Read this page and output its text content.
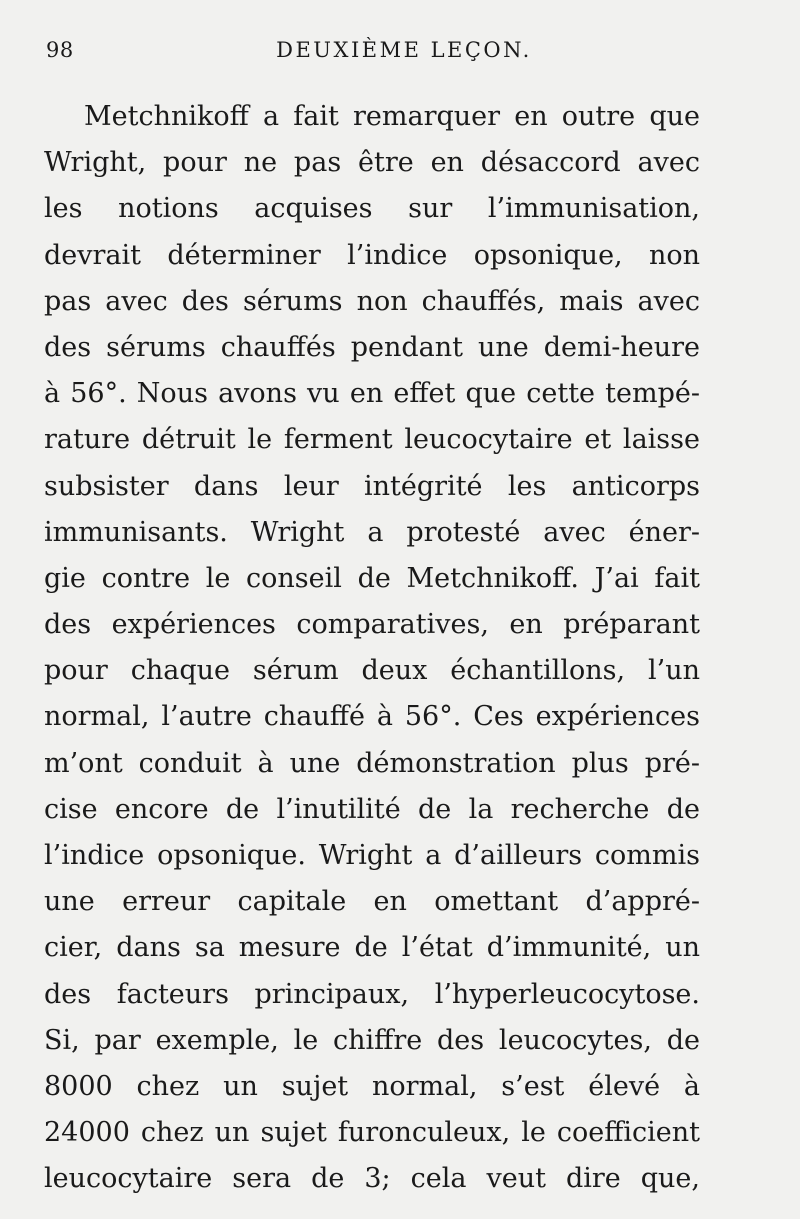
98	DEUXIÈME LEÇON.
Metchnikoff a fait remarquer en outre que
Wright, pour ne pas être en désaccord avec
les notions acquises sur l’immunisation,
devrait déterminer l’indice opsonique, non
pas avec des sérums non chauffés, mais avec
des sérums chauffés pendant une demi-heure
à 56°. Nous avons vu en effet que cette tempé-
rature détruit le ferment leucocytaire et laisse
subsister dans leur intégrité les anticorps
immunisants. Wright a protesté avec éner-
gie contre le conseil de Metchnikoff. J’ai fait
des expériences comparatives, en préparant
pour chaque sérum deux échantillons, l’un
normal, l’autre chauffé à 56°. Ces expériences
m’ont conduit à une démonstration plus pré-
cise encore de l’inutilité de la recherche de
l’indice opsonique. Wright a d’ailleurs commis
une erreur capitale en omettant d’appré-
cier, dans sa mesure de l’état d’immunité, un
des facteurs principaux, l’hyperleucocytose.
Si, par exemple, le chiffre des leucocytes, de
8000 chez un sujet normal, s’est élevé à
24000 chez un sujet furonculeux, le coefficient
leucocytaire sera de 3; cela veut dire que,
